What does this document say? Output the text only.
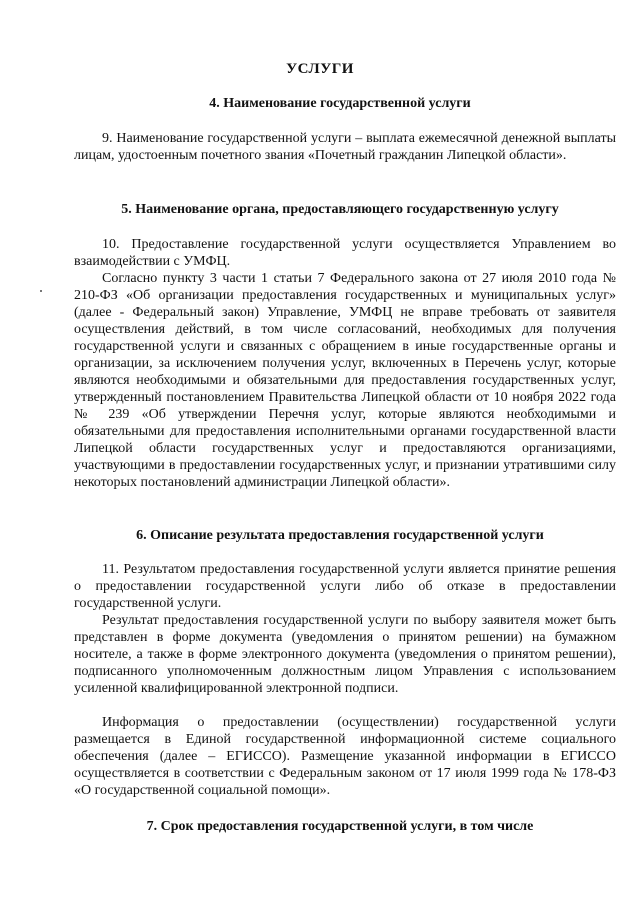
УСЛУГИ
4. Наименование государственной услуги

9. Наименование государственной услуги – выплата ежемесячной денежной выплаты лицам, удостоенным почетного звания «Почетный гражданин Липецкой области».

5. Наименование органа, предоставляющего государственную услугу

10. Предоставление государственной услуги осуществляется Управлением во взаимодействии с УМФЦ.

Согласно пункту 3 части 1 статьи 7 Федерального закона от 27 июля 2010 года № 210-ФЗ «Об организации предоставления государственных и муниципальных услуг» (далее - Федеральный закон) Управление, УМФЦ не вправе требовать от заявителя осуществления действий, в том числе согласований, необходимых для получения государственной услуги и связанных с обращением в иные государственные органы и организации, за исключением получения услуг, включенных в Перечень услуг, которые являются необходимыми и обязательными для предоставления государственных услуг, утвержденный постановлением Правительства Липецкой области от 10 ноября 2022 года № 239 «Об утверждении Перечня услуг, которые являются необходимыми и обязательными для предоставления исполнительными органами государственной власти Липецкой области государственных услуг и предоставляются организациями, участвующими в предоставлении государственных услуг, и признании утратившими силу некоторых постановлений администрации Липецкой области».

6. Описание результата предоставления государственной услуги

11. Результатом предоставления государственной услуги является принятие решения о предоставлении государственной услуги либо об отказе в предоставлении государственной услуги.

Результат предоставления государственной услуги по выбору заявителя может быть представлен в форме документа (уведомления о принятом решении) на бумажном носителе, а также в форме электронного документа (уведомления о принятом решении), подписанного уполномоченным должностным лицом Управления с использованием усиленной квалифицированной электронной подписи.

Информация о предоставлении (осуществлении) государственной услуги размещается в Единой государственной информационной системе социального обеспечения (далее – ЕГИССО). Размещение указанной информации в ЕГИССО осуществляется в соответствии с Федеральным законом от 17 июля 1999 года № 178-ФЗ «О государственной социальной помощи».

7. Срок предоставления государственной услуги, в том числе
